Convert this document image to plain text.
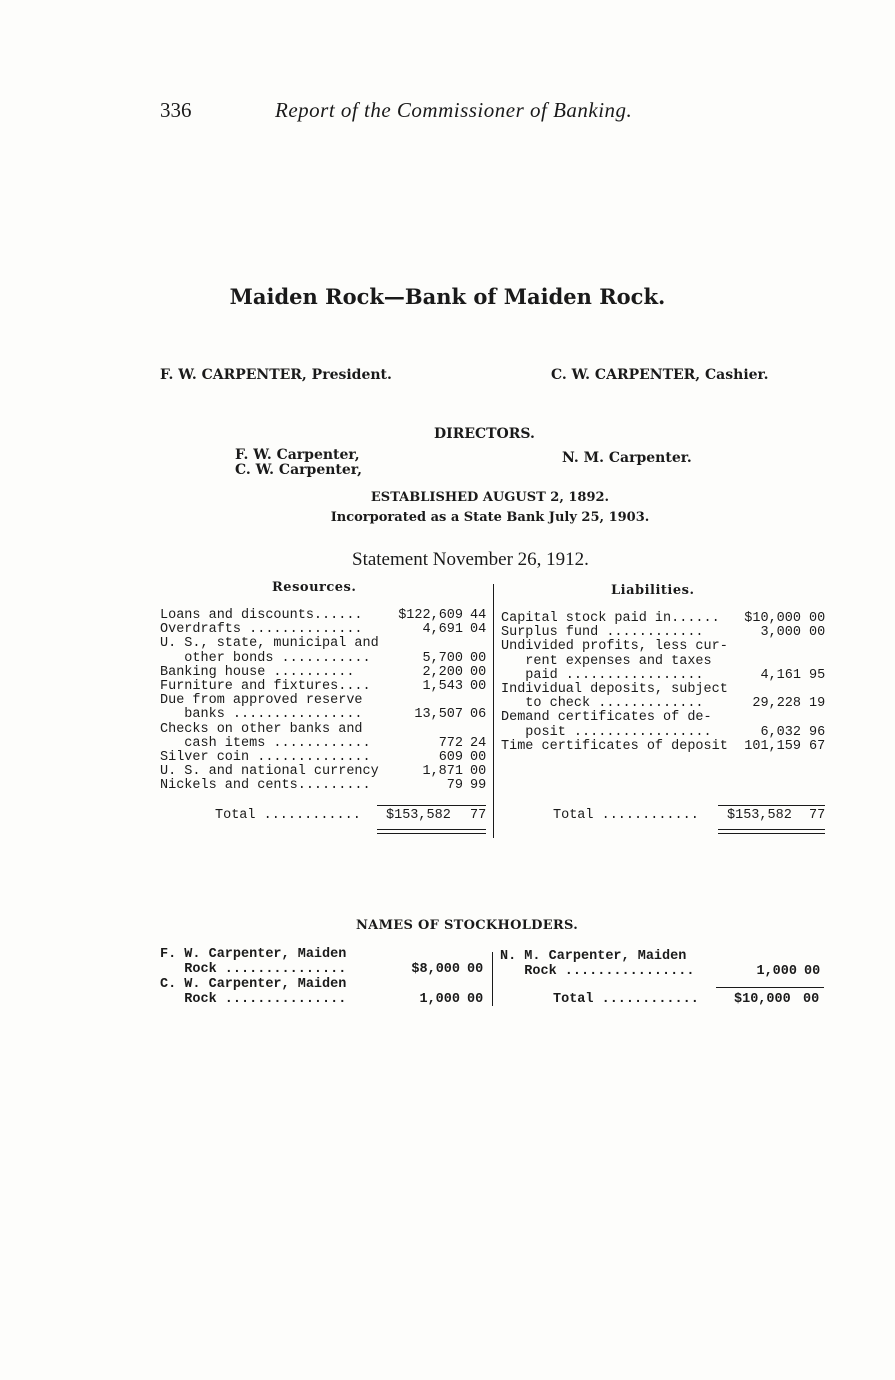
336	Report of the Commissioner of Banking.
Maiden Rock—Bank of Maiden Rock.
F. W. CARPENTER, President.	C. W. CARPENTER, Cashier.
DIRECTORS.
F. W. Carpenter,
C. W. Carpenter,
N. M. Carpenter.
ESTABLISHED AUGUST 2, 1892.
Incorporated as a State Bank July 25, 1903.
Statement November 26, 1912.
Resources.	Liabilities.
Loans and discounts......	$122,609 44
Overdrafts ..............	4,691 04
U. S., state, municipal and
other bonds ...........	5,700 00
Banking house ..........	2,200 00
Furniture and fixtures....	1,543 00
Due from approved reserve
banks ................	13,507 06
Checks on other banks and
cash items ............	772 24
Silver coin ..............	609 00
U. S. and national currency	1,871 00
Nickels and cents.........	79 99
Capital stock paid in......	$10,000 00
Surplus fund ............	3,000 00
Undivided profits, less cur-
rent expenses and taxes
paid .................	4,161 95
Individual deposits, subject
to check .............	29,228 19
Demand certificates of de-
posit .................	6,032 96
Time certificates of deposit	101,159 67
Total ............ $153,582 77	Total ............ $153,582 77
NAMES OF STOCKHOLDERS.
F. W. Carpenter, Maiden
Rock ...............	$8,000 00
C. W. Carpenter, Maiden
Rock ...............	1,000 00
N. M. Carpenter, Maiden
Rock ................	1,000 00
Total ............	$10,000 00
